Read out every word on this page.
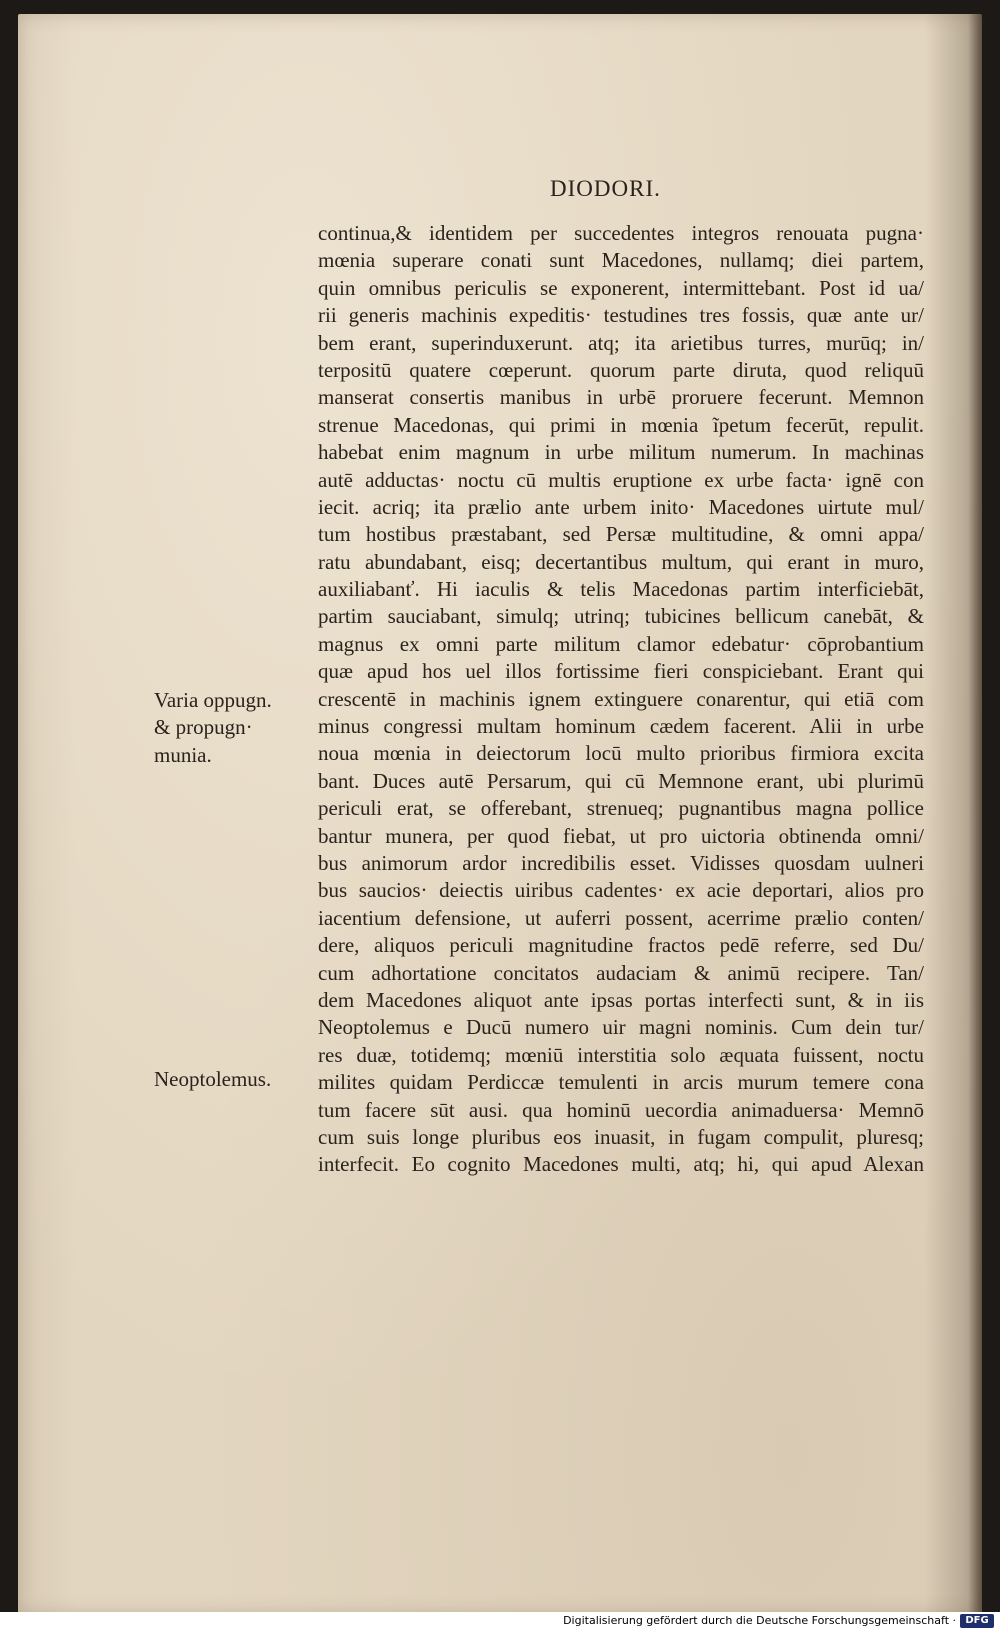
DIODORI.
continua,& identidem per succedentes integros renouata pugna·
mœnia superare conati sunt Macedones, nullamq; diei partem,
quin omnibus periculis se exponerent, intermittebant. Post id ua/
rii generis machinis expeditis· testudines tres fossis, quæ ante ur/
bem erant, superinduxerunt. atq; ita arietibus turres, murūq; in/
terpositū quatere cœperunt. quorum parte diruta, quod reliquū
manserat consertis manibus in urbē proruere fecerunt. Memnon
strenue Macedonas, qui primi in mœnia ĩpetum fecerūt, repulit.
habebat enim magnum in urbe militum numerum. In machinas
autē adductas· noctu cū multis eruptione ex urbe facta· ignē con
iecit. acriq; ita prælio ante urbem inito· Macedones uirtute mul/
tum hostibus præstabant, sed Persæ multitudine, & omni appa/
ratu abundabant, eisq; decertantibus multum, qui erant in muro,
auxiliabanť. Hi iaculis & telis Macedonas partim interficiebāt,
partim sauciabant, simulq; utrinq; tubicines bellicum canebāt, &
magnus ex omni parte militum clamor edebatur· cōprobantium
quæ apud hos uel illos fortissime fieri conspiciebant. Erant qui
crescentē in machinis ignem extinguere conarentur, qui etiā com
minus congressi multam hominum cædem facerent. Alii in urbe
noua mœnia in deiectorum locū multo prioribus firmiora excita
bant. Duces autē Persarum, qui cū Memnone erant, ubi plurimū
periculi erat, se offerebant, strenueq; pugnantibus magna pollice
bantur munera, per quod fiebat, ut pro uictoria obtinenda omni/
bus animorum ardor incredibilis esset. Vidisses quosdam uulneri
bus saucios· deiectis uiribus cadentes· ex acie deportari, alios pro
iacentium defensione, ut auferri possent, acerrime prælio conten/
dere, aliquos periculi magnitudine fractos pedē referre, sed Du/
cum adhortatione concitatos audaciam & animū recipere. Tan/
dem Macedones aliquot ante ipsas portas interfecti sunt, & in iis
Neoptolemus e Ducū numero uir magni nominis. Cum dein tur/
res duæ, totidemq; mœniū interstitia solo æquata fuissent, noctu
milites quidam Perdiccæ temulenti in arcis murum temere cona
tum facere sūt ausi. qua hominū uecordia animaduersa· Memnō
cum suis longe pluribus eos inuasit, in fugam compulit, pluresq;
interfecit. Eo cognito Macedones multi, atq; hi, qui apud Alexan
Varia oppugn.
& propugn·
munia.
Neoptolemus.
Digitalisierung gefördert durch die Deutsche Forschungsgemeinschaft · DFG
